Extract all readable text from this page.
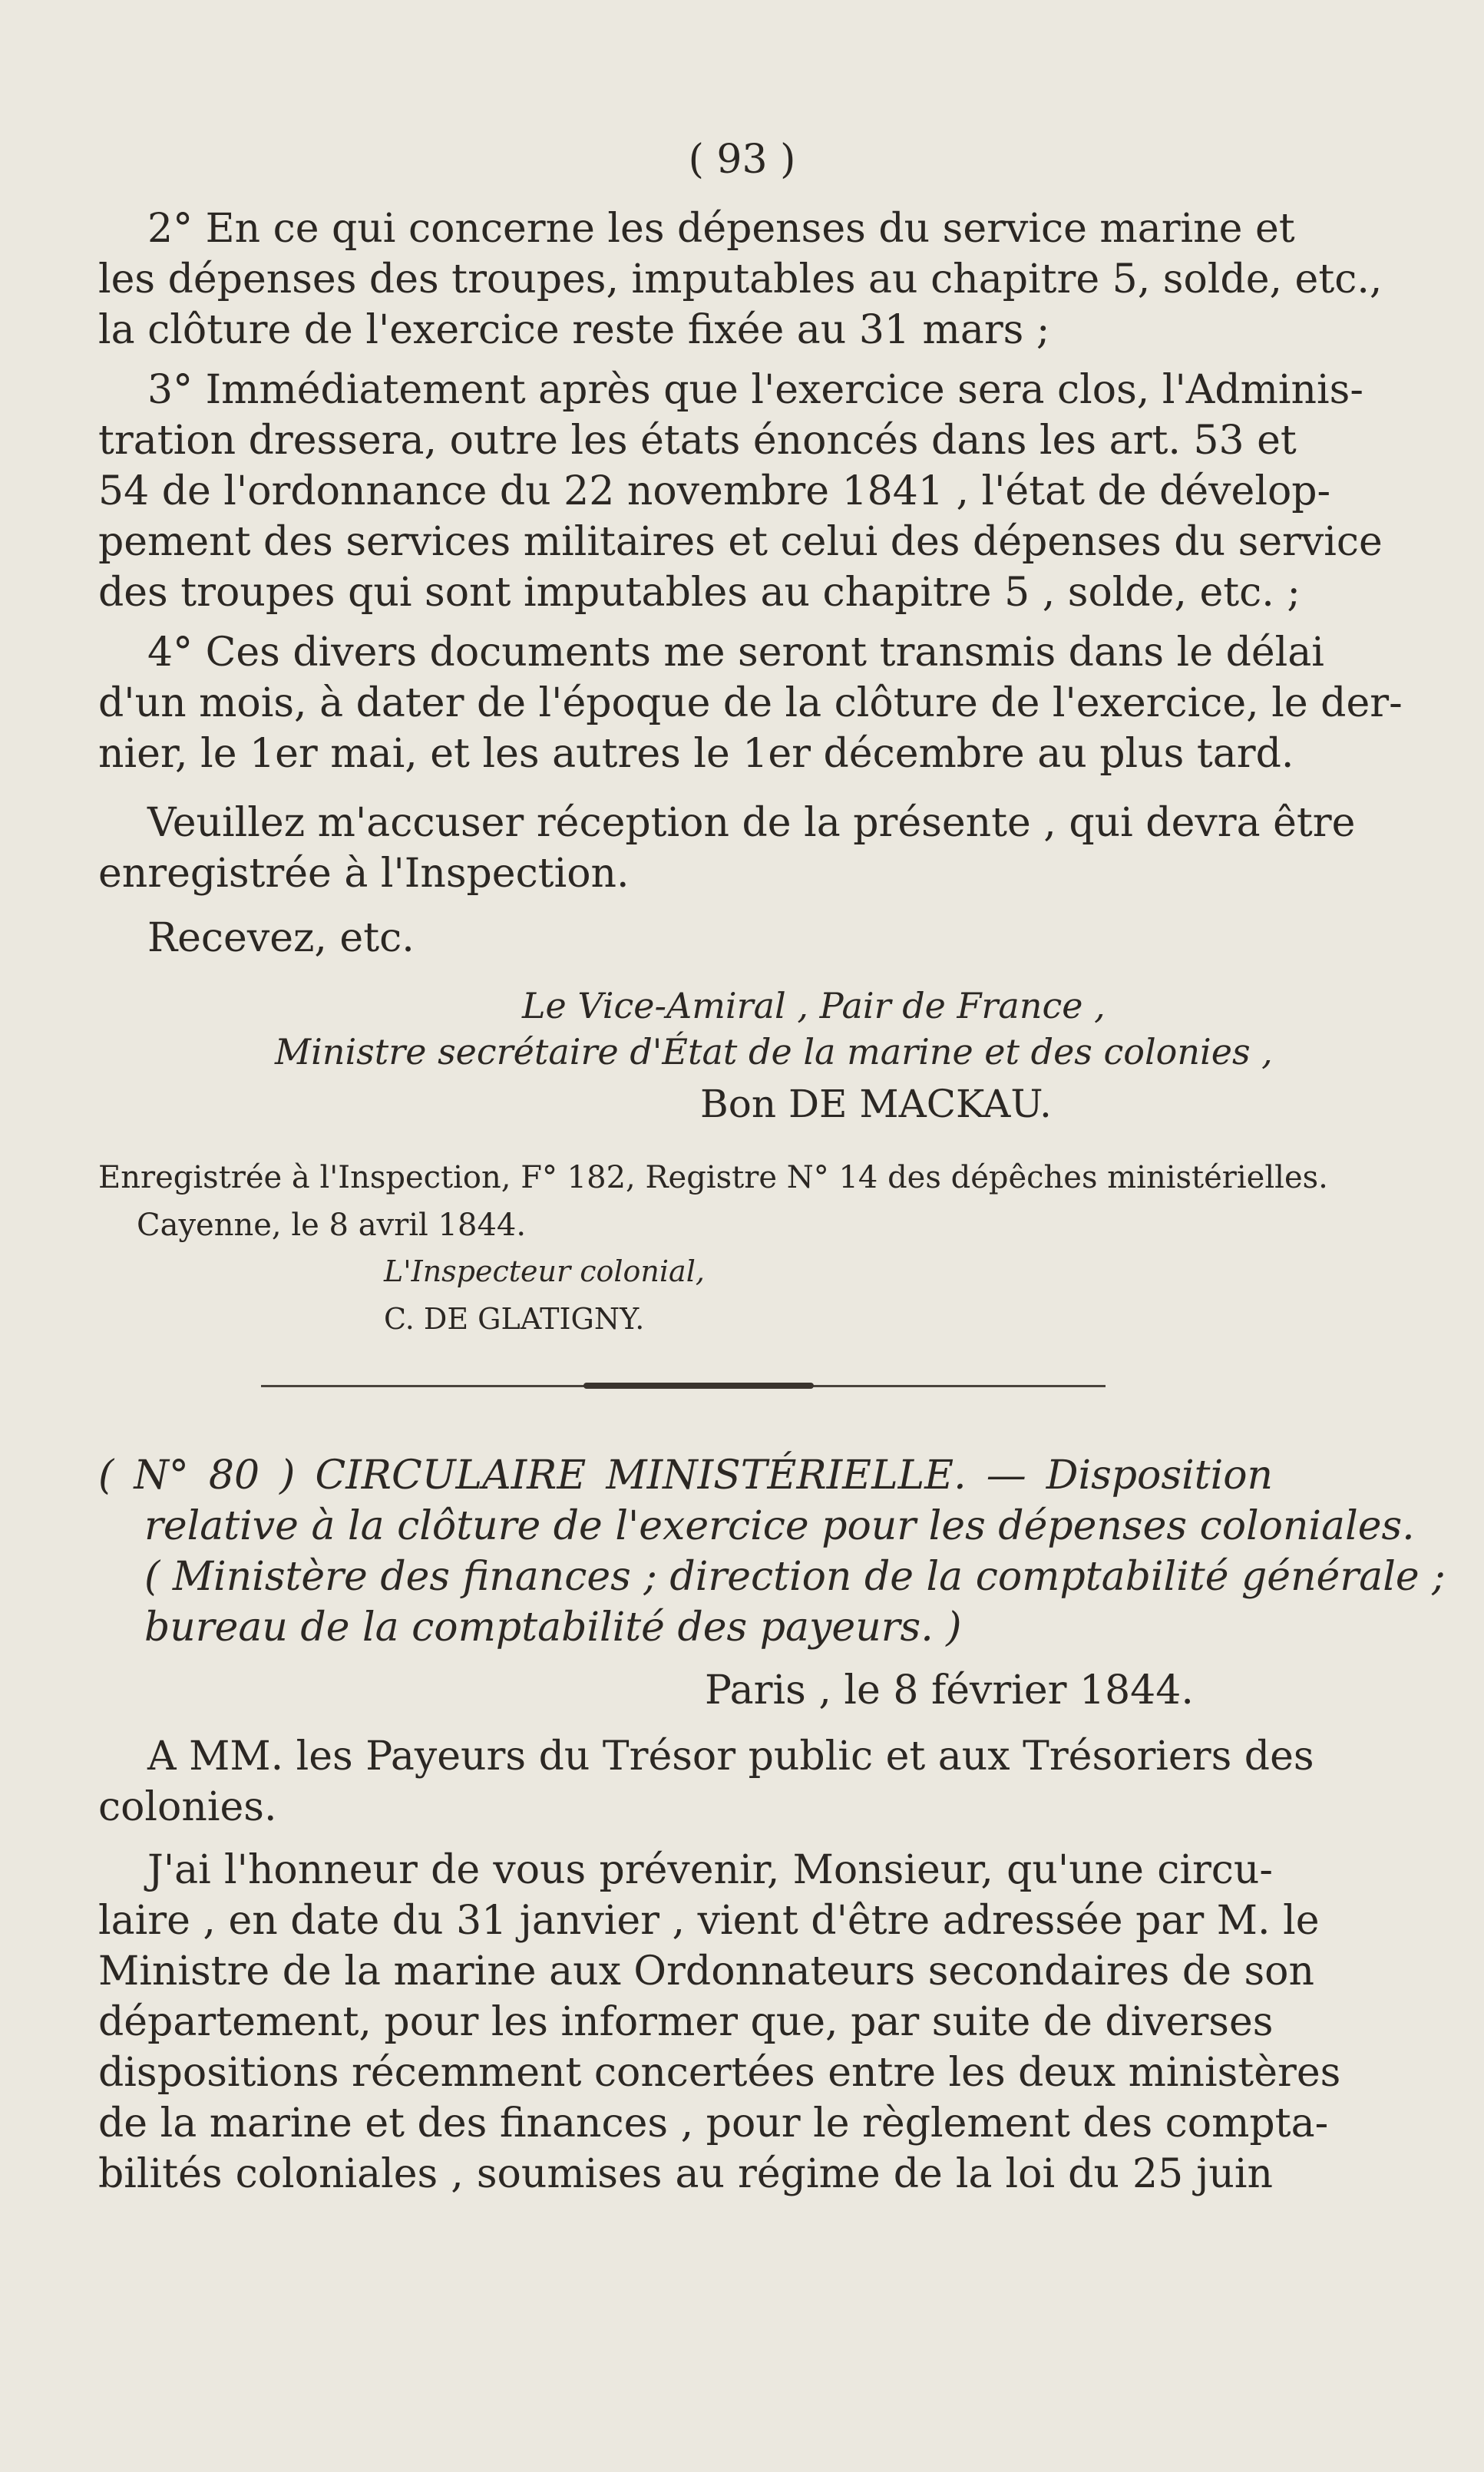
( 93 )
2° En ce qui concerne les dépenses du service marine et
les dépenses des troupes, imputables au chapitre 5, solde, etc.,
la clôture de l'exercice reste fixée au 31 mars ;
3° Immédiatement après que l'exercice sera clos, l'Adminis-
tration dressera, outre les états énoncés dans les art. 53 et
54 de l'ordonnance du 22 novembre 1841 , l'état de dévelop-
pement des services militaires et celui des dépenses du service
des troupes qui sont imputables au chapitre 5 , solde, etc. ;
4° Ces divers documents me seront transmis dans le délai
d'un mois, à dater de l'époque de la clôture de l'exercice, le der-
nier, le 1er mai, et les autres le 1er décembre au plus tard.
Veuillez m'accuser réception de la présente , qui devra être
enregistrée à l'Inspection.
Recevez, etc.
Le Vice-Amiral , Pair de France ,
Ministre secrétaire d'État de la marine et des colonies ,
Bon DE MACKAU.
Enregistrée à l'Inspection, F° 182, Registre N° 14 des dépêches ministérielles.
Cayenne, le 8 avril 1844.
L'Inspecteur colonial,
C. DE GLATIGNY.
( N° 80 ) CIRCULAIRE MINISTÉRIELLE. — Disposition
relative à la clôture de l'exercice pour les dépenses coloniales.
( Ministère des finances ; direction de la comptabilité générale ;
bureau de la comptabilité des payeurs. )
Paris , le 8 février 1844.
A MM. les Payeurs du Trésor public et aux Trésoriers des
colonies.
J'ai l'honneur de vous prévenir, Monsieur, qu'une circu-
laire , en date du 31 janvier , vient d'être adressée par M. le
Ministre de la marine aux Ordonnateurs secondaires de son
département, pour les informer que, par suite de diverses
dispositions récemment concertées entre les deux ministères
de la marine et des finances , pour le règlement des compta-
bilités coloniales , soumises au régime de la loi du 25 juin
